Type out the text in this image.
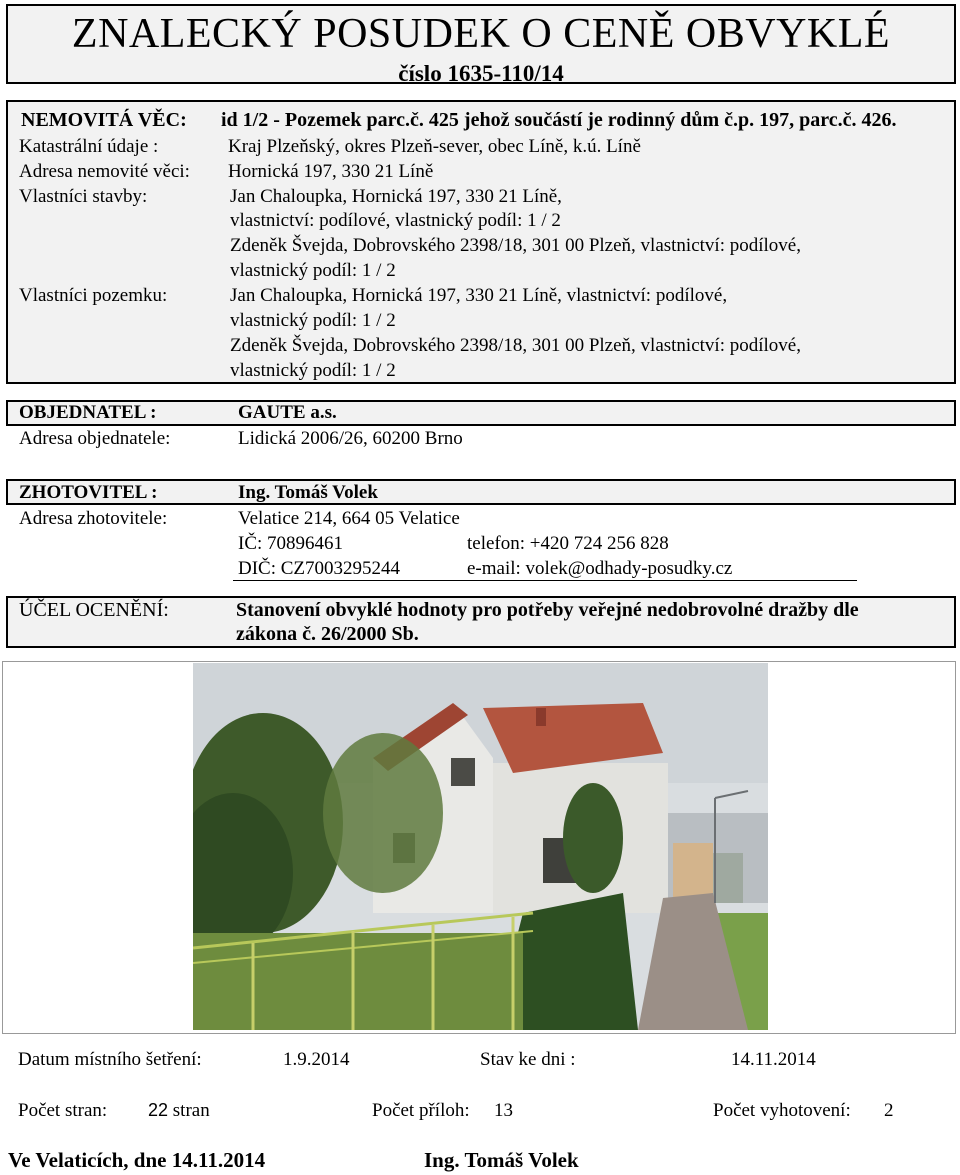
ZNALECKÝ POSUDEK O CENĚ OBVYKLÉ
číslo 1635-110/14
NEMOVITÁ VĚC: id 1/2 - Pozemek parc.č. 425 jehož součástí je rodinný dům č.p. 197, parc.č. 426.
Katastrální údaje :	Kraj Plzeňský, okres Plzeň-sever, obec Líně, k.ú. Líně
Adresa nemovité věci: Hornická 197, 330 21 Líně
Vlastníci stavby:	Jan Chaloupka, Hornická 197, 330 21 Líně,
vlastnictví: podílové, vlastnický podíl: 1 / 2
Zdeněk Švejda, Dobrovského 2398/18, 301 00 Plzeň, vlastnictví: podílové,
vlastnický podíl: 1 / 2
Vlastníci pozemku:	Jan Chaloupka, Hornická 197, 330 21 Líně, vlastnictví: podílové,
vlastnický podíl: 1 / 2
Zdeněk Švejda, Dobrovského 2398/18, 301 00 Plzeň, vlastnictví: podílové,
vlastnický podíl: 1 / 2
OBJEDNATEL :	GAUTE a.s.
Adresa objednatele:	Lidická 2006/26, 60200 Brno
ZHOTOVITEL :	Ing. Tomáš Volek
Adresa zhotovitele:	Velatice 214, 664 05 Velatice
IČ: 70896461	telefon: +420 724 256 828
DIČ: CZ7003295244	e-mail: volek@odhady-posudky.cz
ÚČEL OCENĚNÍ:	Stanovení obvyklé hodnoty pro potřeby veřejné nedobrovolné dražby dle
zákona č. 26/2000 Sb.
Datum místního šetření:	1.9.2014	Stav ke dni :	14.11.2014
Počet stran: 22 stran	Počet příloh: 13	Počet vyhotovení: 2
Ve Velaticích, dne 14.11.2014	Ing. Tomáš Volek
